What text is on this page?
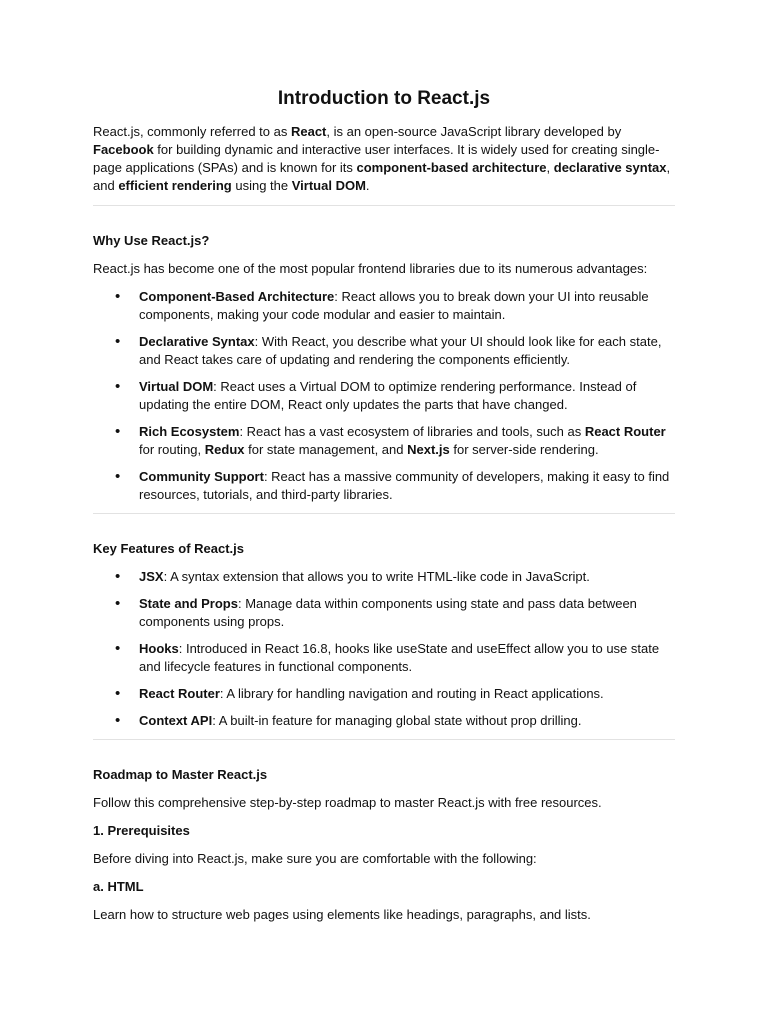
Introduction to React.js

React.js, commonly referred to as React, is an open-source JavaScript library developed by Facebook for building dynamic and interactive user interfaces. It is widely used for creating single-page applications (SPAs) and is known for its component-based architecture, declarative syntax, and efficient rendering using the Virtual DOM.

Why Use React.js?

React.js has become one of the most popular frontend libraries due to its numerous advantages:

• Component-Based Architecture: React allows you to break down your UI into reusable components, making your code modular and easier to maintain.
• Declarative Syntax: With React, you describe what your UI should look like for each state, and React takes care of updating and rendering the components efficiently.
• Virtual DOM: React uses a Virtual DOM to optimize rendering performance. Instead of updating the entire DOM, React only updates the parts that have changed.
• Rich Ecosystem: React has a vast ecosystem of libraries and tools, such as React Router for routing, Redux for state management, and Next.js for server-side rendering.
• Community Support: React has a massive community of developers, making it easy to find resources, tutorials, and third-party libraries.
Key Features of React.js
• JSX: A syntax extension that allows you to write HTML-like code in JavaScript.
• State and Props: Manage data within components using state and pass data between components using props.
• Hooks: Introduced in React 16.8, hooks like useState and useEffect allow you to use state and lifecycle features in functional components.
• React Router: A library for handling navigation and routing in React applications.
• Context API: A built-in feature for managing global state without prop drilling.
Roadmap to Master React.js

Follow this comprehensive step-by-step roadmap to master React.js with free resources.

1. Prerequisites

Before diving into React.js, make sure you are comfortable with the following:

a. HTML

Learn how to structure web pages using elements like headings, paragraphs, and lists.
